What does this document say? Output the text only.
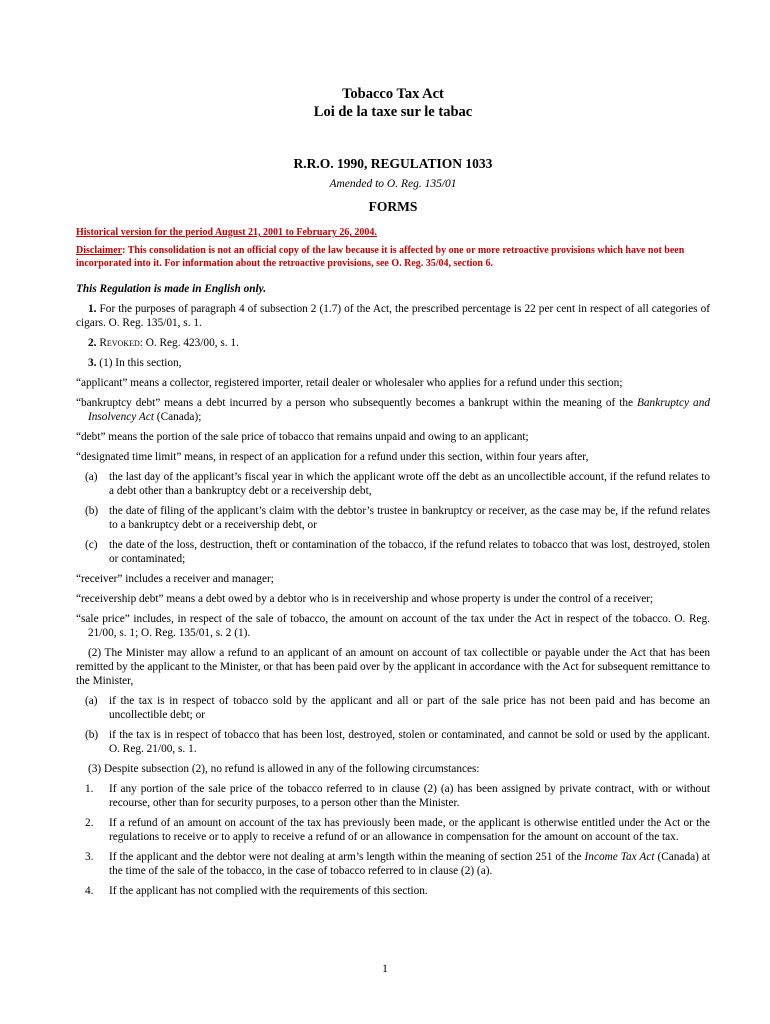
Tobacco Tax Act
Loi de la taxe sur le tabac
R.R.O. 1990, REGULATION 1033
Amended to O. Reg. 135/01
FORMS
Historical version for the period August 21, 2001 to February 26, 2004.
Disclaimer: This consolidation is not an official copy of the law because it is affected by one or more retroactive provisions which have not been incorporated into it. For information about the retroactive provisions, see O. Reg. 35/04, section 6.
This Regulation is made in English only.

1. For the purposes of paragraph 4 of subsection 2 (1.7) of the Act, the prescribed percentage is 22 per cent in respect of all categories of cigars. O. Reg. 135/01, s. 1.

2. Revoked: O. Reg. 423/00, s. 1.

3. (1) In this section,

“applicant” means a collector, registered importer, retail dealer or wholesaler who applies for a refund under this section;

“bankruptcy debt” means a debt incurred by a person who subsequently becomes a bankrupt within the meaning of the Bankruptcy and Insolvency Act (Canada);

“debt” means the portion of the sale price of tobacco that remains unpaid and owing to an applicant;

“designated time limit” means, in respect of an application for a refund under this section, within four years after,

(a)	the last day of the applicant’s fiscal year in which the applicant wrote off the debt as an uncollectible account, if the refund relates to a debt other than a bankruptcy debt or a receivership debt,
(b) the date of filing of the applicant’s claim with the debtor’s trustee in bankruptcy or receiver, as the case may be, if the refund relates to a bankruptcy debt or a receivership debt, or
(c)	the date of the loss, destruction, theft or contamination of the tobacco, if the refund relates to tobacco that was lost, destroyed, stolen or contaminated;

“receiver” includes a receiver and manager;

“receivership debt” means a debt owed by a debtor who is in receivership and whose property is under the control of a receiver;

“sale price” includes, in respect of the sale of tobacco, the amount on account of the tax under the Act in respect of the tobacco. O. Reg. 21/00, s. 1; O. Reg. 135/01, s. 2 (1).

(2) The Minister may allow a refund to an applicant of an amount on account of tax collectible or payable under the Act that has been remitted by the applicant to the Minister, or that has been paid over by the applicant in accordance with the Act for subsequent remittance to the Minister,

(a)	if the tax is in respect of tobacco sold by the applicant and all or part of the sale price has not been paid and has become an uncollectible debt; or
(b) if the tax is in respect of tobacco that has been lost, destroyed, stolen or contaminated, and cannot be sold or used by the applicant. O. Reg. 21/00, s. 1.

(3) Despite subsection (2), no refund is allowed in any of the following circumstances:

1.	If any portion of the sale price of the tobacco referred to in clause (2) (a) has been assigned by private contract, with or without recourse, other than for security purposes, to a person other than the Minister.
2.	If a refund of an amount on account of the tax has previously been made, or the applicant is otherwise entitled under the Act or the regulations to receive or to apply to receive a refund of or an allowance in compensation for the amount on account of the tax.
3.	If the applicant and the debtor were not dealing at arm’s length within the meaning of section 251 of the Income Tax Act (Canada) at the time of the sale of the tobacco, in the case of tobacco referred to in clause (2) (a).
4.	If the applicant has not complied with the requirements of this section.
1
